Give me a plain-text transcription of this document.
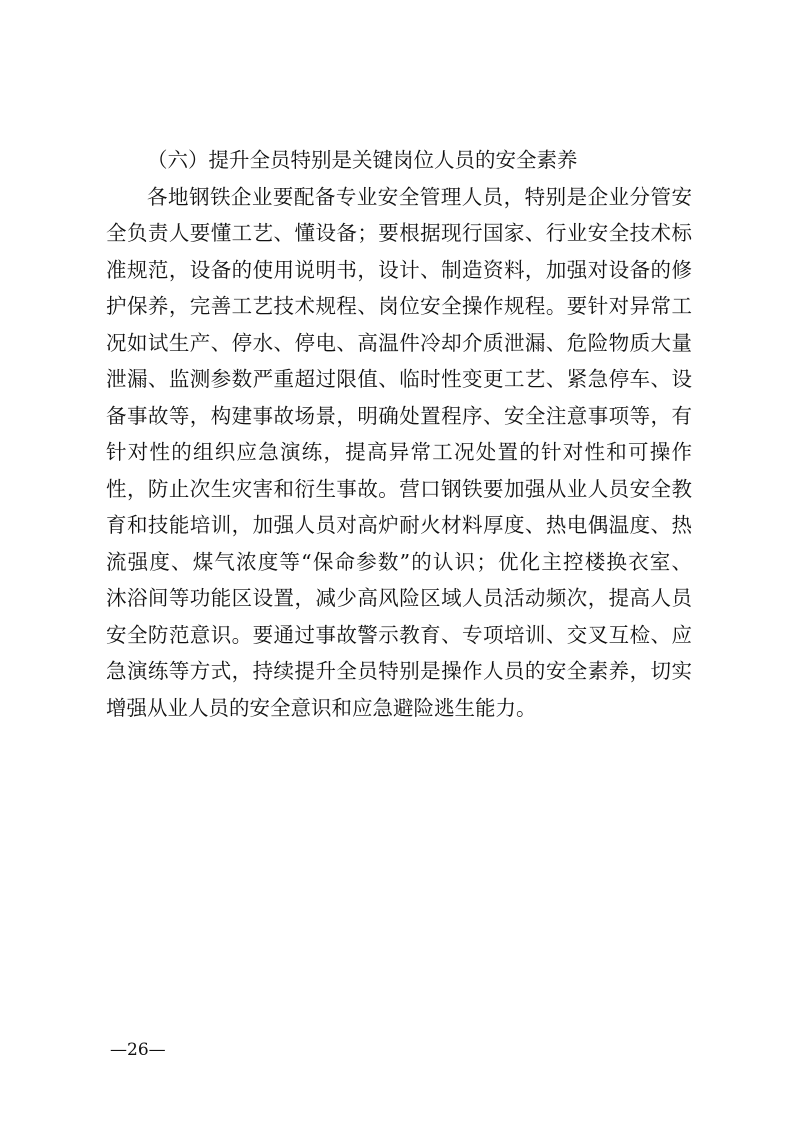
（六）提升全员特别是关键岗位人员的安全素养

各地钢铁企业要配备专业安全管理人员，特别是企业分管安
全负责人要懂工艺、懂设备；要根据现行国家、行业安全技术标
准规范，设备的使用说明书，设计、制造资料，加强对设备的修
护保养，完善工艺技术规程、岗位安全操作规程。要针对异常工
况如试生产、停水、停电、高温件冷却介质泄漏、危险物质大量
泄漏、监测参数严重超过限值、临时性变更工艺、紧急停车、设
备事故等，构建事故场景，明确处置程序、安全注意事项等，有
针对性的组织应急演练，提高异常工况处置的针对性和可操作
性，防止次生灾害和衍生事故。营口钢铁要加强从业人员安全教
育和技能培训，加强人员对高炉耐火材料厚度、热电偶温度、热
流强度、煤气浓度等“保命参数”的认识；优化主控楼换衣室、
沐浴间等功能区设置，减少高风险区域人员活动频次，提高人员
安全防范意识。要通过事故警示教育、专项培训、交叉互检、应
急演练等方式，持续提升全员特别是操作人员的安全素养，切实
增强从业人员的安全意识和应急避险逃生能力。

—26—
